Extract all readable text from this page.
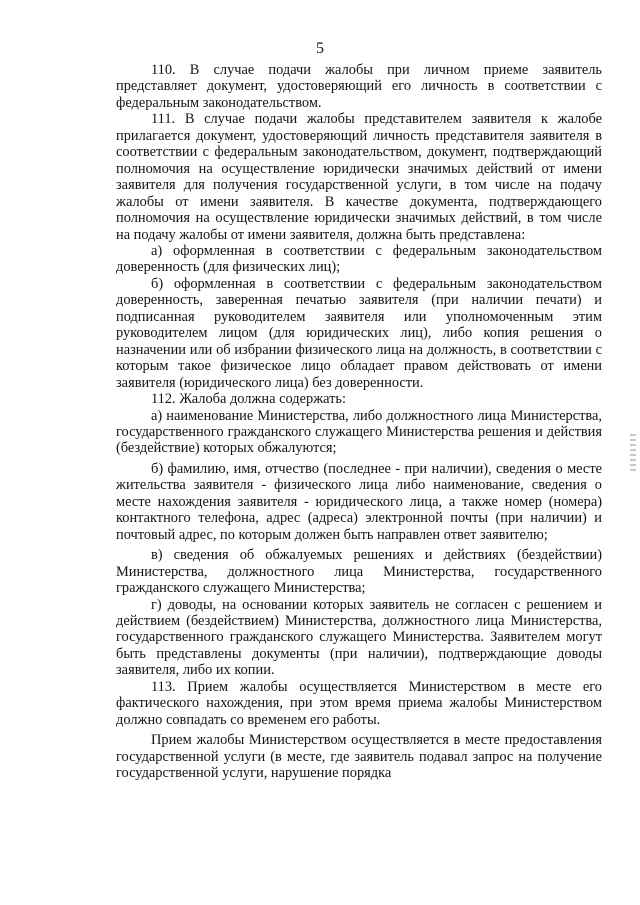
5

110. В случае подачи жалобы при личном приеме заявитель представляет документ, удостоверяющий его личность в соответствии с федеральным законодательством.

111. В случае подачи жалобы представителем заявителя к жалобе прилагается документ, удостоверяющий личность представителя заявителя в соответствии с федеральным законодательством, документ, подтверждающий полномочия на осуществление юридически значимых действий от имени заявителя для получения государственной услуги, в том числе на подачу жалобы от имени заявителя. В качестве документа, подтверждающего полномочия на осуществление юридически значимых действий, в том числе на подачу жалобы от имени заявителя, должна быть представлена:

а) оформленная в соответствии с федеральным законодательством доверенность (для физических лиц);

б) оформленная в соответствии с федеральным законодательством доверенность, заверенная печатью заявителя (при наличии печати) и подписанная руководителем заявителя или уполномоченным этим руководителем лицом (для юридических лиц), либо копия решения о назначении или об избрании физического лица на должность, в соответствии с которым такое физическое лицо обладает правом действовать от имени заявителя (юридического лица) без доверенности.

112. Жалоба должна содержать:

а) наименование Министерства, либо должностного лица Министерства, государственного гражданского служащего Министерства решения и действия (бездействие) которых обжалуются;

б) фамилию, имя, отчество (последнее - при наличии), сведения о месте жительства заявителя - физического лица либо наименование, сведения о месте нахождения заявителя - юридического лица, а также номер (номера) контактного телефона, адрес (адреса) электронной почты (при наличии) и почтовый адрес, по которым должен быть направлен ответ заявителю;

в) сведения об обжалуемых решениях и действиях (бездействии) Министерства, должностного лица Министерства, государственного гражданского служащего Министерства;

г) доводы, на основании которых заявитель не согласен с решением и действием (бездействием) Министерства, должностного лица Министерства, государственного гражданского служащего Министерства. Заявителем могут быть представлены документы (при наличии), подтверждающие доводы заявителя, либо их копии.

113. Прием жалобы осуществляется Министерством в месте его фактического нахождения, при этом время приема жалобы Министерством должно совпадать со временем его работы.

Прием жалобы Министерством осуществляется в месте предоставления государственной услуги (в месте, где заявитель подавал запрос на получение государственной услуги, нарушение порядка
